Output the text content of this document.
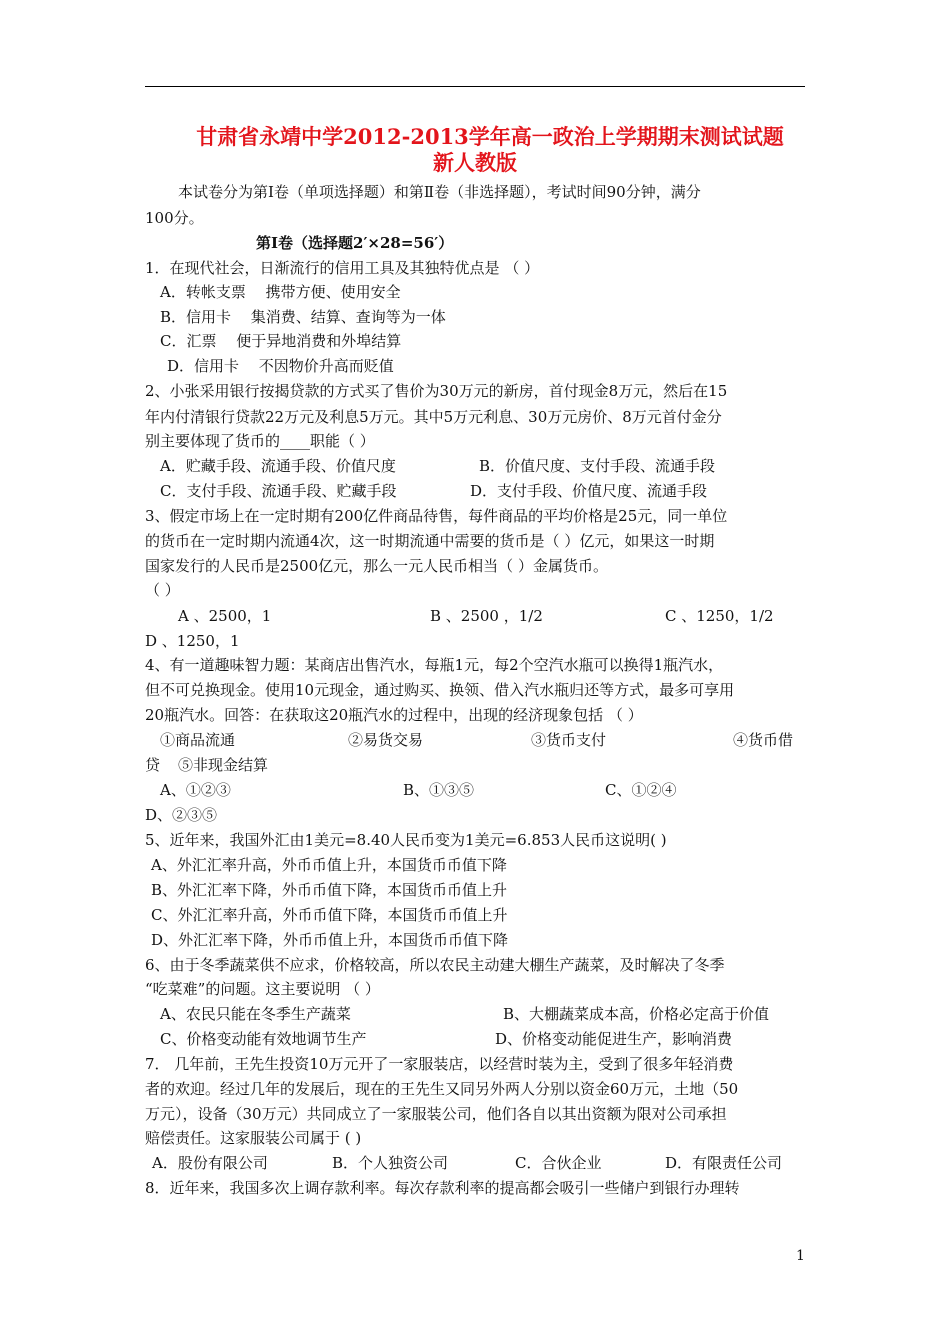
甘肃省永靖中学2012-2013学年高一政治上学期期末测试试题
新人教版
本试卷分为第Ⅰ卷（单项选择题）和第Ⅱ卷（非选择题），考试时间90分钟，满分
100分。
第Ⅰ卷（选择题2′×28=56′）
1．在现代社会，日渐流行的信用工具及其独特优点是 （ ）
A．转帐支票 　携带方便、使用安全
B．信用卡 　集消费、结算、查询等为一体
C．汇票 　便于异地消费和外埠结算
D．信用卡 　不因物价升高而贬值
2、小张采用银行按揭贷款的方式买了售价为30万元的新房，首付现金8万元，然后在15
年内付清银行贷款22万元及利息5万元。其中5万元利息、30万元房价、8万元首付金分
别主要体现了货币的____职能（ ）
A．贮藏手段、流通手段、价值尺度	B．价值尺度、支付手段、流通手段
C．支付手段、流通手段、贮藏手段	D．支付手段、价值尺度、流通手段
3、假定市场上在一定时期有200亿件商品待售，每件商品的平均价格是25元，同一单位
的货币在一定时期内流通4次，这一时期流通中需要的货币是（ ）亿元，如果这一时期
国家发行的人民币是2500亿元，那么一元人民币相当（ ）金属货币。
（ ）
A 、2500，1	B 、2500 ，1/2	C 、1250，1/2
D 、1250，1
4、有一道趣味智力题：某商店出售汽水，每瓶1元，每2个空汽水瓶可以换得1瓶汽水，
但不可兑换现金。使用10元现金，通过购买、换领、借入汽水瓶归还等方式，最多可享用
20瓶汽水。回答：在获取这20瓶汽水的过程中，出现的经济现象包括 （ ）
①商品流通	②易货交易	③货币支付	④货币借
贷 ⑤非现金结算
A、①②③	B、①③⑤	C、①②④
D、②③⑤
5、近年来，我国外汇由1美元=8.40人民币变为1美元=6.853人民币这说明( )
A、外汇汇率升高，外币币值上升，本国货币币值下降
B、外汇汇率下降，外币币值下降，本国货币币值上升
C、外汇汇率升高，外币币值下降，本国货币币值上升
D、外汇汇率下降，外币币值上升，本国货币币值下降
6、由于冬季蔬菜供不应求，价格较高，所以农民主动建大棚生产蔬菜，及时解决了冬季
“吃菜难”的问题。这主要说明 （ ）
A、农民只能在冬季生产蔬菜	B、大棚蔬菜成本高，价格必定高于价值
C、价格变动能有效地调节生产	D、价格变动能促进生产，影响消费
7． 几年前，王先生投资10万元开了一家服装店，以经营时装为主，受到了很多年轻消费
者的欢迎。经过几年的发展后，现在的王先生又同另外两人分别以资金60万元，土地（50
万元），设备（30万元）共同成立了一家服装公司，他们各自以其出资额为限对公司承担
赔偿责任。这家服装公司属于 ( )
A．股份有限公司	B．个人独资公司	C．合伙企业	D．有限责任公司
8．近年来，我国多次上调存款利率。每次存款利率的提高都会吸引一些储户到银行办理转
1
